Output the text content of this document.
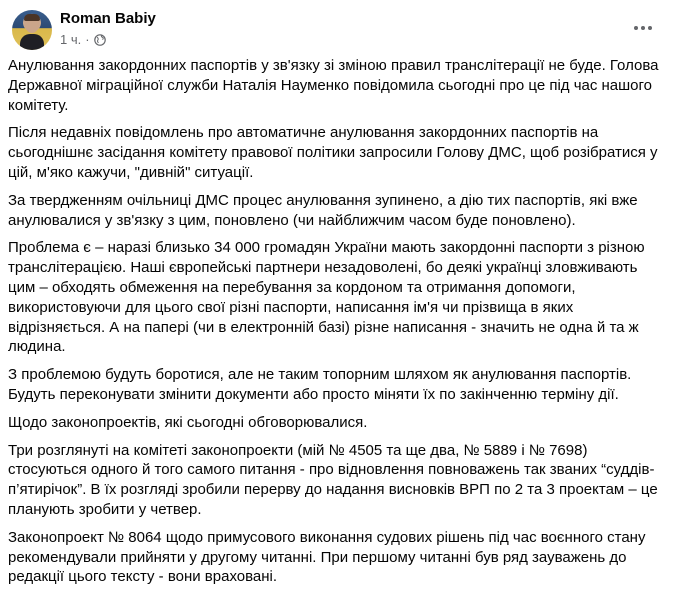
Roman Babiy
1 ч. ·

Анулювання закордонних паспортів у зв'язку зі зміною правил транслітерації не буде. Голова Державної міграційної служби Наталія Науменко повідомила сьогодні про це під час нашого комітету.

Після недавніх повідомлень про автоматичне анулювання закордонних паспортів на сьогоднішнє засідання комітету правової політики запросили Голову ДМС, щоб розібратися у цій, м'яко кажучи, "дивній" ситуації.

За твердженням очільниці ДМС процес анулювання зупинено, а дію тих паспортів, які вже анулювалися у зв'язку з цим, поновлено (чи найближчим часом буде поновлено).

Проблема є – наразі близько 34 000 громадян України мають закордонні паспорти з різною транслітерацією. Наші європейські партнери незадоволені, бо деякі українці зловживають цим – обходять обмеження на перебування за кордоном та отримання допомоги, використовуючи для цього свої різні паспорти, написання ім'я чи прізвища в яких відрізняється. А на папері (чи в електронній базі) різне написання - значить не одна й та ж людина.

З проблемою будуть боротися, але не таким топорним шляхом як анулювання паспортів. Будуть переконувати змінити документи або просто міняти їх по закінченню терміну дії.

Щодо законопроектів, які сьогодні обговорювалися.

Три розглянуті на комітеті законопроекти (мій № 4505 та ще два, № 5889 і № 7698) стосуються одного й того самого питання - про відновлення повноважень так званих “суддів-п’ятирічок”. В їх розгляді зробили перерву до надання висновків ВРП по 2 та 3 проектам – це планують зробити у четвер.

Законопроект № 8064 щодо примусового виконання судових рішень під час воєнного стану рекомендували прийняти у другому читанні. При першому читанні був ряд зауважень до редакції цього тексту - вони враховані.
